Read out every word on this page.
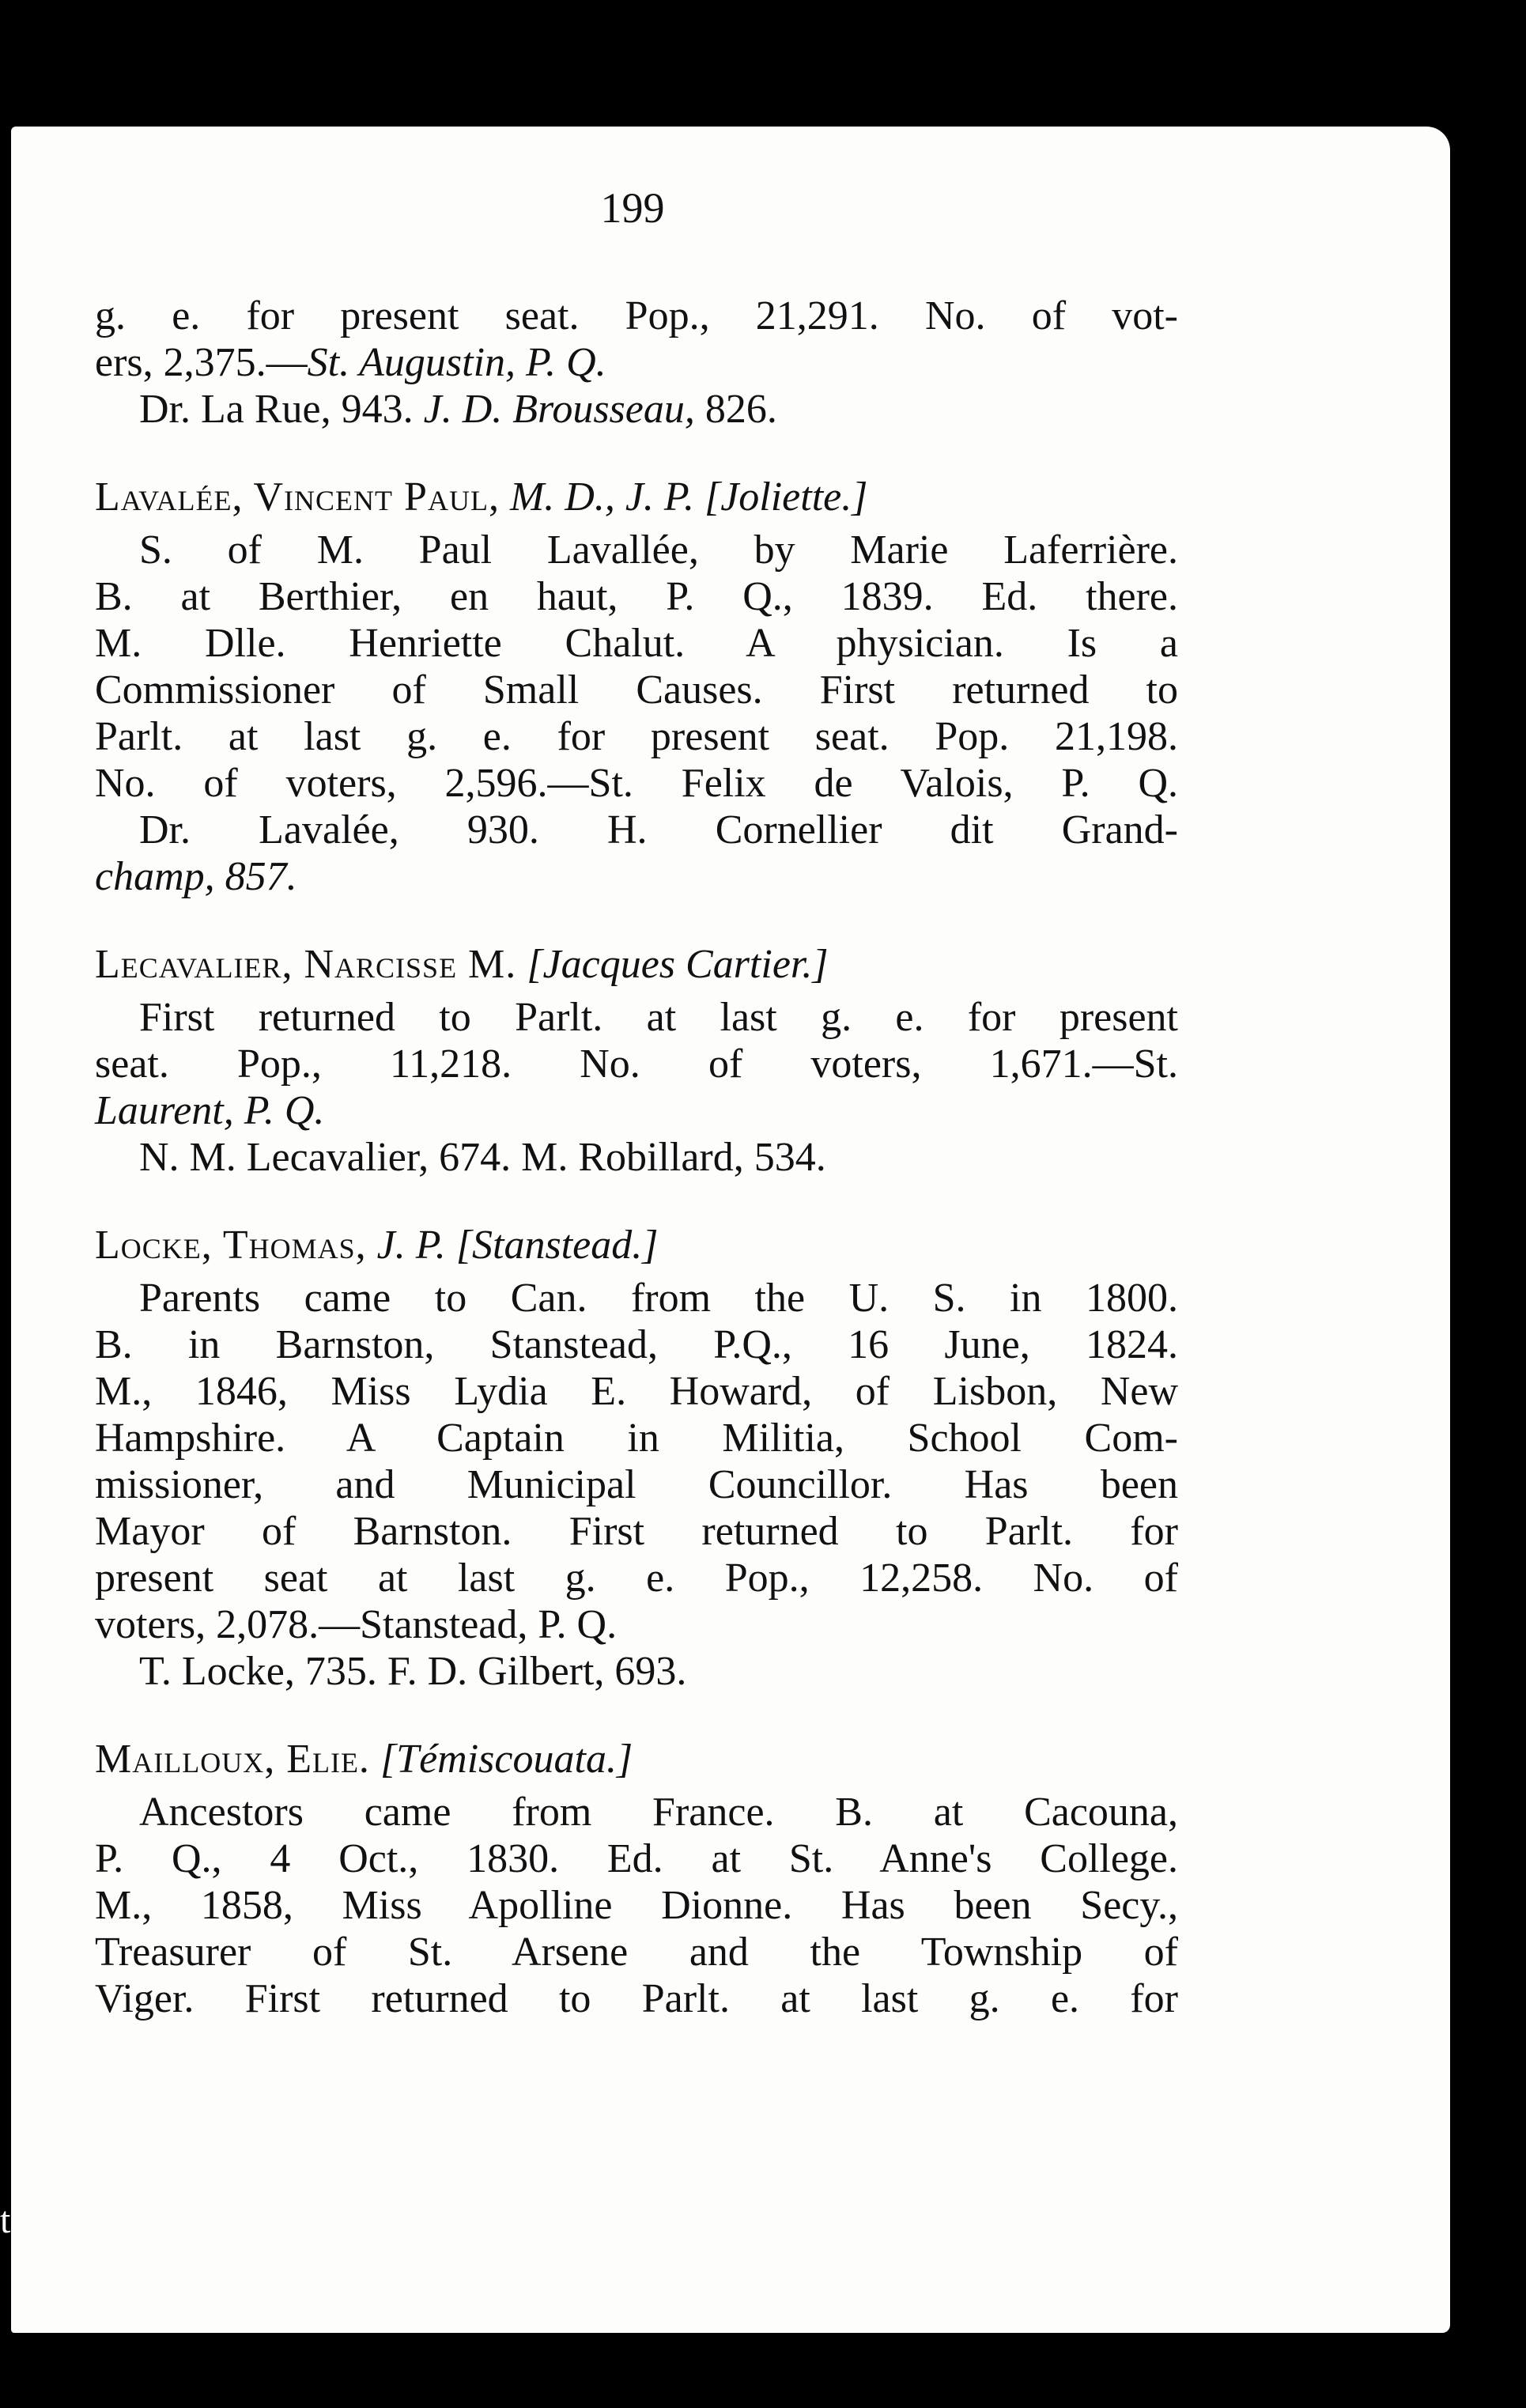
199
g. e. for present seat. Pop., 21,291. No. of vot-
ers, 2,375.—St. Augustin, P. Q.
Dr. La Rue, 943. J. D. Brousseau, 826.
Lavalée, Vincent Paul, M. D., J. P. [Joliette.]
S. of M. Paul Lavallée, by Marie Laferrière.
B. at Berthier, en haut, P. Q., 1839. Ed. there.
M. Dlle. Henriette Chalut. A physician. Is a
Commissioner of Small Causes. First returned to
Parlt. at last g. e. for present seat. Pop. 21,198.
No. of voters, 2,596.—St. Felix de Valois, P. Q.
Dr. Lavalée, 930. H. Cornellier dit Grand-
champ, 857.
Lecavalier, Narcisse M. [Jacques Cartier.]
First returned to Parlt. at last g. e. for present
seat. Pop., 11,218. No. of voters, 1,671.—St.
Laurent, P. Q.
N. M. Lecavalier, 674. M. Robillard, 534.
Locke, Thomas, J. P. [Stanstead.]
Parents came to Can. from the U. S. in 1800.
B. in Barnston, Stanstead, P.Q., 16 June, 1824.
M., 1846, Miss Lydia E. Howard, of Lisbon, New
Hampshire. A Captain in Militia, School Com-
missioner, and Municipal Councillor. Has been
Mayor of Barnston. First returned to Parlt. for
present seat at last g. e. Pop., 12,258. No. of
voters, 2,078.—Stanstead, P. Q.
T. Locke, 735. F. D. Gilbert, 693.
Mailloux, Elie. [Témiscouata.]
Ancestors came from France. B. at Cacouna,
P. Q., 4 Oct., 1830. Ed. at St. Anne's College.
M., 1858, Miss Apolline Dionne. Has been Secy.,
Treasurer of St. Arsene and the Township of
Viger. First returned to Parlt. at last g. e. for
t
